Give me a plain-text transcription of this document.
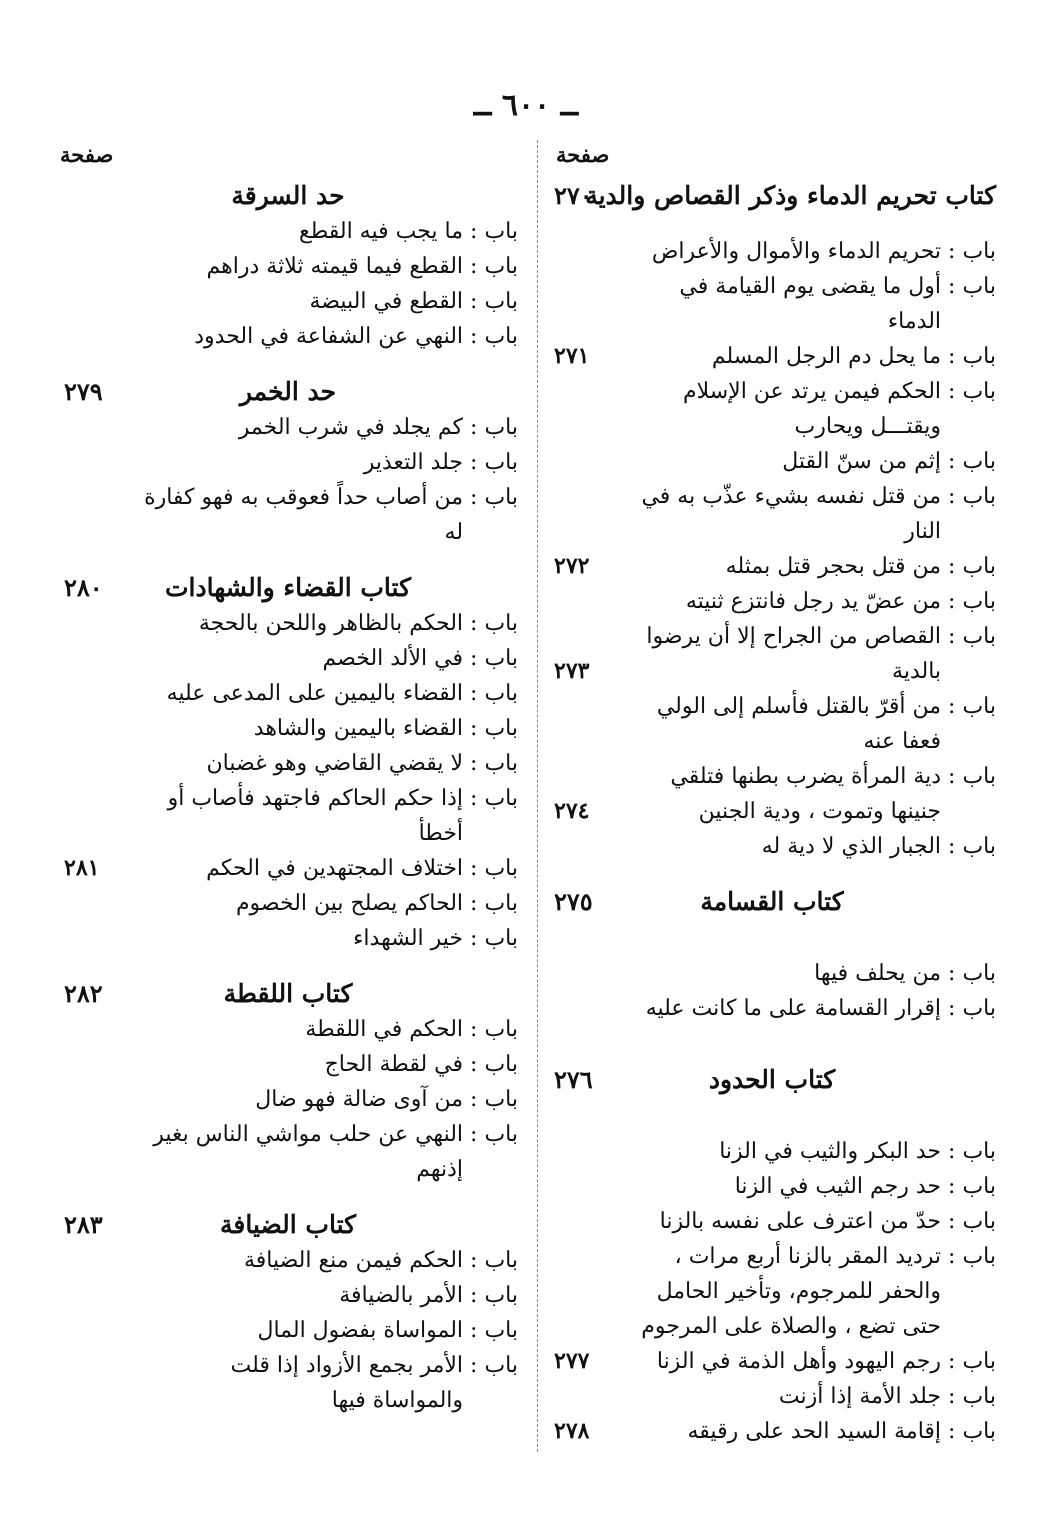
ــ ٦٠٠ ــ
صفحة
كتاب تحريم الدماء وذكر القصاص والدية
٢٧٠
باب
:
تحريم الدماء والأموال والأعراض
باب
:
أول ما يقضى يوم القيامة في الدماء
باب
:
ما يحل دم الرجل المسلم
٢٧١
باب
:
الحكم فيمن يرتد عن الإسلام ويقتـــل ويحارب
باب
:
إثم من سنّ القتل
باب
:
من قتل نفسه بشيء عذّب به في النار
باب
:
من قتل بحجر قتل بمثله
٢٧٢
باب
:
من عضّ يد رجل فانتزع ثنيته
باب
:
القصاص من الجراح إلا أن يرضوا بالدية
٢٧٣
باب
:
من أقرّ بالقتل فأسلم إلى الولي فعفا عنه
باب
:
دية المرأة يضرب بطنها فتلقي جنينها وتموت ، ودية الجنين
٢٧٤
باب
:
الجبار الذي لا دية له
كتاب القسامة
٢٧٥
باب
:
من يحلف فيها
باب
:
إقرار القسامة على ما كانت عليه
كتاب الحدود
٢٧٦
باب
:
حد البكر والثيب في الزنا
باب
:
حد رجم الثيب في الزنا
باب
:
حدّ من اعترف على نفسه بالزنا
باب
:
ترديد المقر بالزنا أربع مرات ، والحفر للمرجوم، وتأخير الحامل حتى تضع ، والصلاة على المرجوم
٢٧٧	باب
:
رجم اليهود وأهل الذمة في الزنا
باب
:
جلد الأمة إذا أزنت
باب
:
إقامة السيد الحد على رقيقه
٢٧٨
صفحة
حد السرقة
باب
:
ما يجب فيه القطع
باب
:
القطع فيما قيمته ثلاثة دراهم
باب
:
القطع في البيضة
باب
:
النهي عن الشفاعة في الحدود
حد الخمر
٢٧٩
باب
:
كم يجلد في شرب الخمر
باب
:
جلد التعذير
باب
:
من أصاب حداً فعوقب به فهو كفارة له
كتاب القضاء والشهادات
٢٨٠
باب
:
الحكم بالظاهر واللحن بالحجة
باب
:
في الألد الخصم
باب
:
القضاء باليمين على المدعى عليه
باب
:
القضاء باليمين والشاهد
باب
:
لا يقضي القاضي وهو غضبان
باب
:
إذا حكم الحاكم فاجتهد فأصاب أو أخطأ
باب
:
اختلاف المجتهدين في الحكم
٢٨١
باب
:
الحاكم يصلح بين الخصوم
باب
:
خير الشهداء
كتاب اللقطة
٢٨٢
باب
:
الحكم في اللقطة
باب
:
في لقطة الحاج
باب
:
من آوى ضالة فهو ضال
باب
:
النهي عن حلب مواشي الناس بغير إذنهم
كتاب الضيافة
٢٨٣
باب
:
الحكم فيمن منع الضيافة
باب
:
الأمر بالضيافة
باب
:
المواساة بفضول المال
باب
:
الأمر بجمع الأزواد إذا قلت والمواساة فيها
